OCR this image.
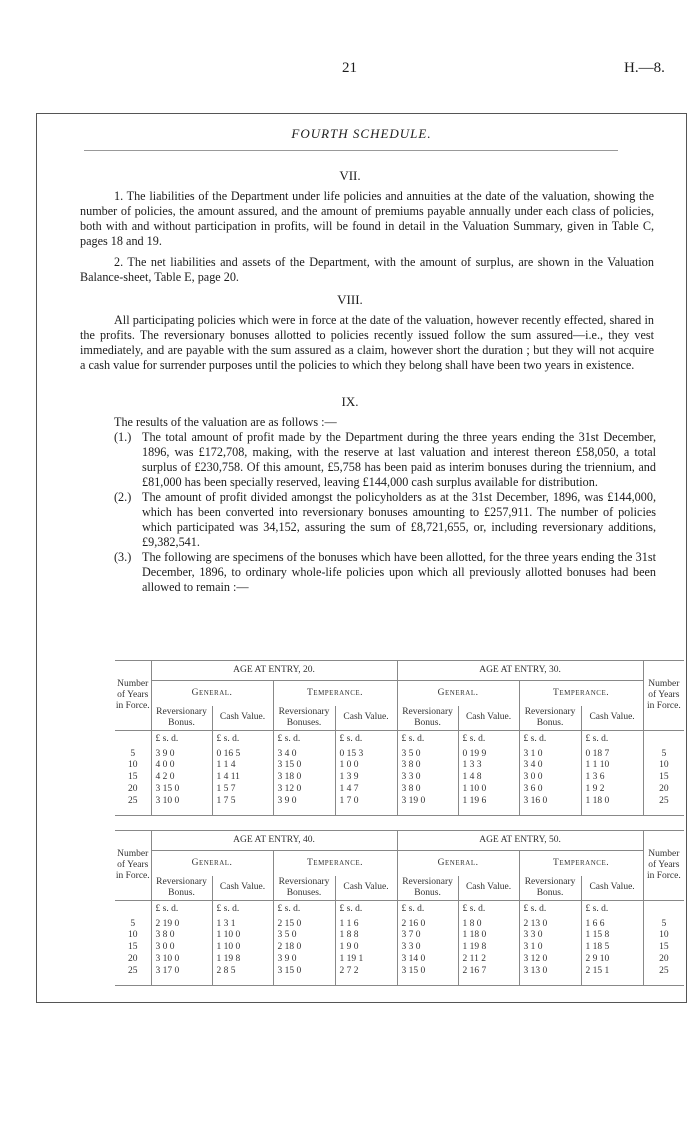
21	H.—8.
FOURTH SCHEDULE.
VII.

1. The liabilities of the Department under life policies and annuities at the date of the valuation, showing the number of policies, the amount assured, and the amount of premiums payable annually under each class of policies, both with and without participation in profits, will be found in detail in the Valuation Summary, given in Table C, pages 18 and 19.

2. The net liabilities and assets of the Department, with the amount of surplus, are shown in the Valuation Balance-sheet, Table E, page 20.

VIII.

All participating policies which were in force at the date of the valuation, however recently effected, shared in the profits. The reversionary bonuses allotted to policies recently issued follow the sum assured—i.e., they vest immediately, and are payable with the sum assured as a claim, however short the duration ; but they will not acquire a cash value for surrender purposes until the policies to which they belong shall have been two years in existence.

IX.

The results of the valuation are as follows :—

(1.) The total amount of profit made by the Department during the three years ending the 31st December, 1896, was £172,708, making, with the reserve at last valuation and interest thereon £58,050, a total surplus of £230,758. Of this amount, £5,758 has been paid as interim bonuses during the triennium, and £81,000 has been specially reserved, leaving £144,000 cash surplus available for distribution.
(2.) The amount of profit divided amongst the policyholders as at the 31st December, 1896, was £144,000, which has been converted into reversionary bonuses amounting to £257,911. The number of policies which participated was 34,152, assuring the sum of £8,721,655, or, including reversionary additions, £9,382,541.
(3.) The following are specimens of the bonuses which have been allotted, for the three years ending the 31st December, 1896, to ordinary whole-life policies upon which all previously allotted bonuses had been allowed to remain :—
Number of Years in Force.	AGE AT ENTRY, 20.				AGE AT ENTRY, 30.				Number of Years in Force.
	General.		Temperance.		General.		Temperance.		
	Reversionary Bonus.	Cash Value.	Reversionary Bonuses.	Cash Value.	Reversionary Bonus.	Cash Value.	Reversionary Bonus.	Cash Value.	
	£ s. d.	£ s. d.	£ s. d.	£ s. d.	£ s. d.	£ s. d.	£ s. d.	£ s. d.	
5	3 9 0	0 16 5	3 4 0	0 15 3	3 5 0	0 19 9	3 1 0	0 18 7	5
10	4 0 0	1 1 4	3 15 0	1 0 0	3 8 0	1 3 3	3 4 0	1 1 10	10
15	4 2 0	1 4 11	3 18 0	1 3 9	3 3 0	1 4 8	3 0 0	1 3 6	15
20	3 15 0	1 5 7	3 12 0	1 4 7	3 8 0	1 10 0	3 6 0	1 9 2	20
25	3 10 0	1 7 5	3 9 0	1 7 0	3 19 0	1 19 6	3 16 0	1 18 0	25

Number of Years in Force.	AGE AT ENTRY, 40.				AGE AT ENTRY, 50.				Number of Years in Force.
	General.		Temperance.		General.		Temperance.		
	Reversionary Bonus.	Cash Value.	Reversionary Bonuses.	Cash Value.	Reversionary Bonus.	Cash Value.	Reversionary Bonus.	Cash Value.	
	£ s. d.	£ s. d.	£ s. d.	£ s. d.	£ s. d.	£ s. d.	£ s. d.	£ s. d.	
5	2 19 0	1 3 1	2 15 0	1 1 6	2 16 0	1 8 0	2 13 0	1 6 6	5
10	3 8 0	1 10 0	3 5 0	1 8 8	3 7 0	1 18 0	3 3 0	1 15 8	10
15	3 0 0	1 10 0	2 18 0	1 9 0	3 3 0	1 19 8	3 1 0	1 18 5	15
20	3 10 0	1 19 8	3 9 0	1 19 1	3 14 0	2 11 2	3 12 0	2 9 10	20
25	3 17 0	2 8 5	3 15 0	2 7 2	3 15 0	2 16 7	3 13 0	2 15 1	25
